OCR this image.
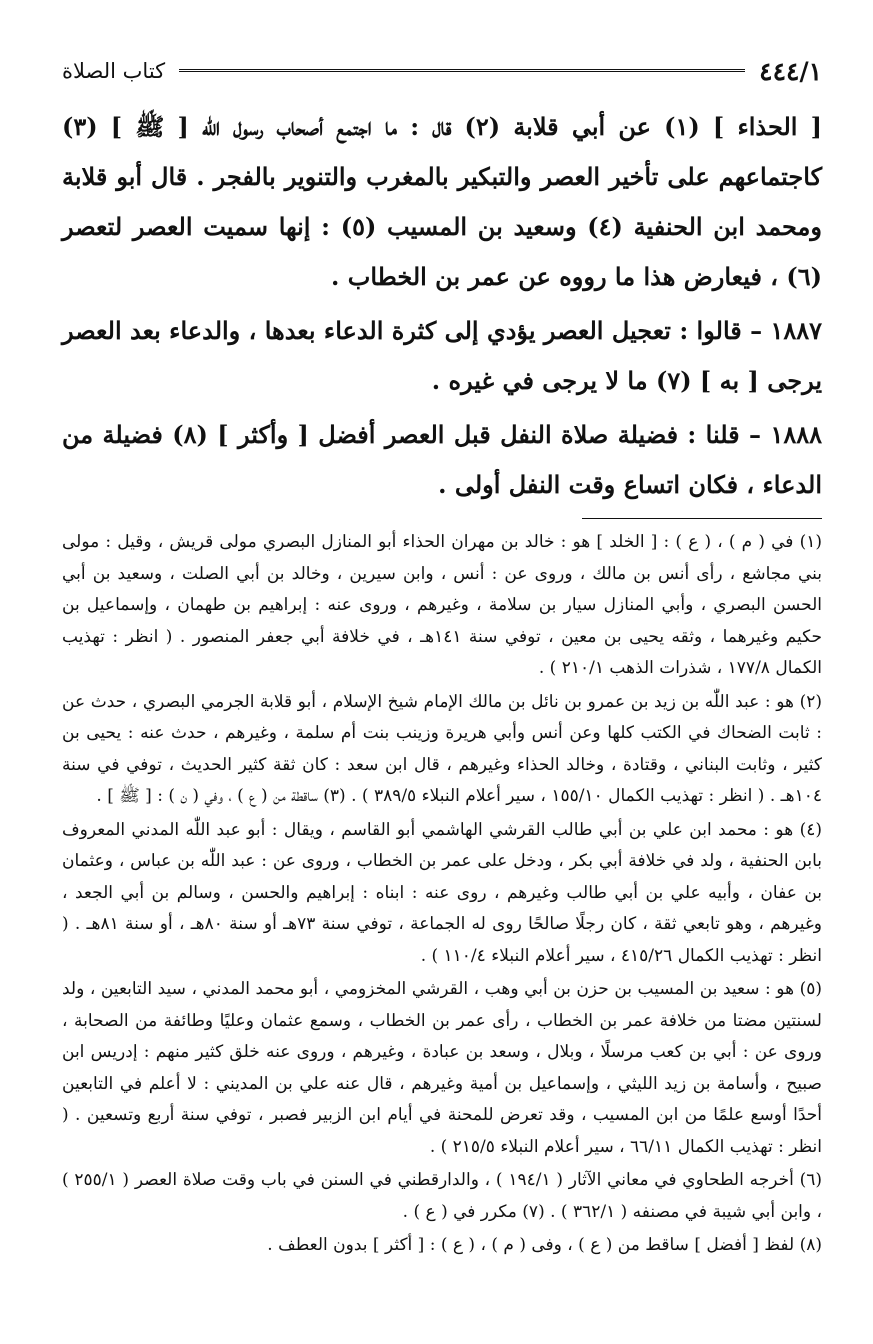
٤٤٤/١
كتاب الصلاة

[ الحذاء ] (١) عن أبي قلابة (٢) قال : ما اجتمع أصحاب رسول اللّٰه [ ﷺ ] (٣) كاجتماعهم على تأخير العصر والتبكير بالمغرب والتنوير بالفجر . قال أبو قلابة ومحمد ابن الحنفية (٤) وسعيد بن المسيب (٥) : إنها سميت العصر لتعصر (٦) ، فيعارض هذا ما رووه عن عمر بن الخطاب .

١٨٨٧ – قالوا : تعجيل العصر يؤدي إلى كثرة الدعاء بعدها ، والدعاء بعد العصر يرجى [ به ] (٧) ما لا يرجى في غيره .

١٨٨٨ – قلنا : فضيلة صلاة النفل قبل العصر أفضل [ وأكثر ] (٨) فضيلة من الدعاء ، فكان اتساع وقت النفل أولى .

(١) في ( م ) ، ( ع ) : [ الخلد ] هو : خالد بن مهران الحذاء أبو المنازل البصري مولى قريش ، وقيل : مولى بني مجاشع ، رأى أنس بن مالك ، وروى عن : أنس ، وابن سيرين ، وخالد بن أبي الصلت ، وسعيد بن أبي الحسن البصري ، وأبي المنازل سيار بن سلامة ، وغيرهم ، وروى عنه : إبراهيم بن طهمان ، وإسماعيل بن حكيم وغيرهما ، وثقه يحيى بن معين ، توفي سنة ١٤١هـ ، في خلافة أبي جعفر المنصور . ( انظر : تهذيب الكمال ١٧٧/٨ ، شذرات الذهب ٢١٠/١ ) .

(٢) هو : عبد اللّٰه بن زيد بن عمرو بن نائل بن مالك الإمام شيخ الإسلام ، أبو قلابة الجرمي البصري ، حدث عن : ثابت الضحاك في الكتب كلها وعن أنس وأبي هريرة وزينب بنت أم سلمة ، وغيرهم ، حدث عنه : يحيى بن كثير ، وثابت البناني ، وقتادة ، وخالد الحذاء وغيرهم ، قال ابن سعد : كان ثقة كثير الحديث ، توفي في سنة ١٠٤هـ . ( انظر : تهذيب الكمال ١٥٥/١٠ ، سير أعلام النبلاء ٣٨٩/٥ ) . (٣) ساقطة من ( ع ) ، وفي ( ن ) : [ ﷺ ] .

(٤) هو : محمد ابن علي بن أبي طالب القرشي الهاشمي أبو القاسم ، ويقال : أبو عبد اللّٰه المدني المعروف بابن الحنفية ، ولد في خلافة أبي بكر ، ودخل على عمر بن الخطاب ، وروى عن : عبد اللّٰه بن عباس ، وعثمان بن عفان ، وأبيه علي بن أبي طالب وغيرهم ، روى عنه : ابناه : إبراهيم والحسن ، وسالم بن أبي الجعد ، وغيرهم ، وهو تابعي ثقة ، كان رجلًا صالحًا روى له الجماعة ، توفي سنة ٧٣هـ أو سنة ٨٠هـ ، أو سنة ٨١هـ . ( انظر : تهذيب الكمال ٤١٥/٢٦ ، سير أعلام النبلاء ١١٠/٤ ) .

(٥) هو : سعيد بن المسيب بن حزن بن أبي وهب ، القرشي المخزومي ، أبو محمد المدني ، سيد التابعين ، ولد لسنتين مضتا من خلافة عمر بن الخطاب ، رأى عمر بن الخطاب ، وسمع عثمان وعليًا وطائفة من الصحابة ، وروى عن : أبي بن كعب مرسلًا ، وبلال ، وسعد بن عبادة ، وغيرهم ، وروى عنه خلق كثير منهم : إدريس ابن صبيح ، وأسامة بن زيد الليثي ، وإسماعيل بن أمية وغيرهم ، قال عنه علي بن المديني : لا أعلم في التابعين أحدًا أوسع علمًا من ابن المسيب ، وقد تعرض للمحنة في أيام ابن الزبير فصبر ، توفي سنة أربع وتسعين . ( انظر : تهذيب الكمال ٦٦/١١ ، سير أعلام النبلاء ٢١٥/٥ ) .

(٦) أخرجه الطحاوي في معاني الآثار ( ١٩٤/١ ) ، والدارقطني في السنن في باب وقت صلاة العصر ( ٢٥٥/١ ) ، وابن أبي شيبة في مصنفه ( ٣٦٢/١ ) . (٧) مكرر في ( ع ) .

(٨) لفظ [ أفضل ] ساقط من ( ع ) ، وفى ( م ) ، ( ع ) : [ أكثر ] بدون العطف .
